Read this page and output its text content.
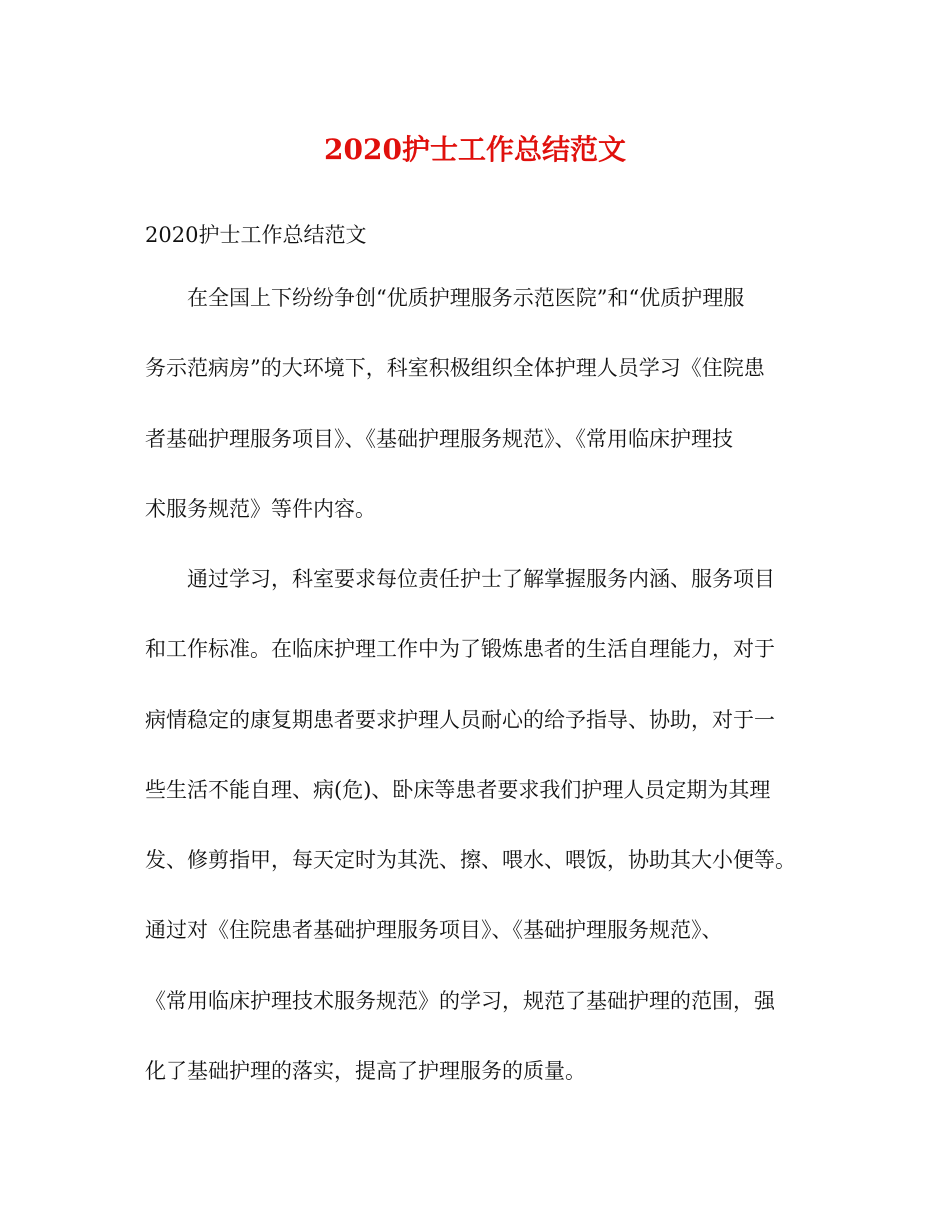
2020护士工作总结范文

2020护士工作总结范文

在全国上下纷纷争创“优质护理服务示范医院”和“优质护理服

务示范病房”的大环境下，科室积极组织全体护理人员学习《住院患

者基础护理服务项目》、《基础护理服务规范》、《常用临床护理技

术服务规范》等件内容。

通过学习，科室要求每位责任护士了解掌握服务内涵、服务项目

和工作标准。在临床护理工作中为了锻炼患者的生活自理能力，对于

病情稳定的康复期患者要求护理人员耐心的给予指导、协助，对于一

些生活不能自理、病(危)、卧床等患者要求我们护理人员定期为其理

发、修剪指甲，每天定时为其洗、擦、喂水、喂饭，协助其大小便等。

通过对《住院患者基础护理服务项目》、《基础护理服务规范》、

《常用临床护理技术服务规范》的学习，规范了基础护理的范围，强

化了基础护理的落实，提高了护理服务的质量。
